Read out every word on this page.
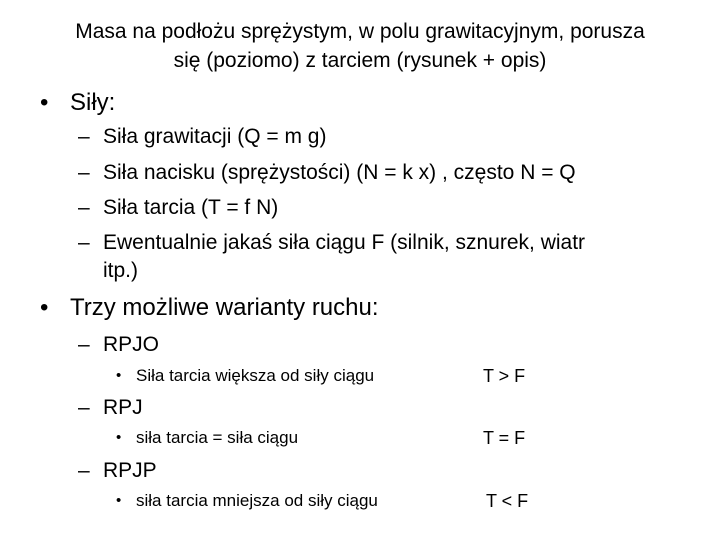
Masa na podłożu sprężystym, w polu grawitacyjnym, porusza
się (poziomo) z tarciem (rysunek + opis)
• Siły:
– Siła grawitacji (Q = m g)
– Siła nacisku (sprężystości) (N = k x) , często N = Q
– Siła tarcia (T = f N)
– Ewentualnie jakaś siła ciągu F (silnik, sznurek, wiatr
itp.)
• Trzy możliwe warianty ruchu:
– RPJO
• Siła tarcia większa od siły ciągu	T > F
– RPJ
• siła tarcia = siła ciągu	T = F
– RPJP
• siła tarcia mniejsza od siły ciągu	T < F
